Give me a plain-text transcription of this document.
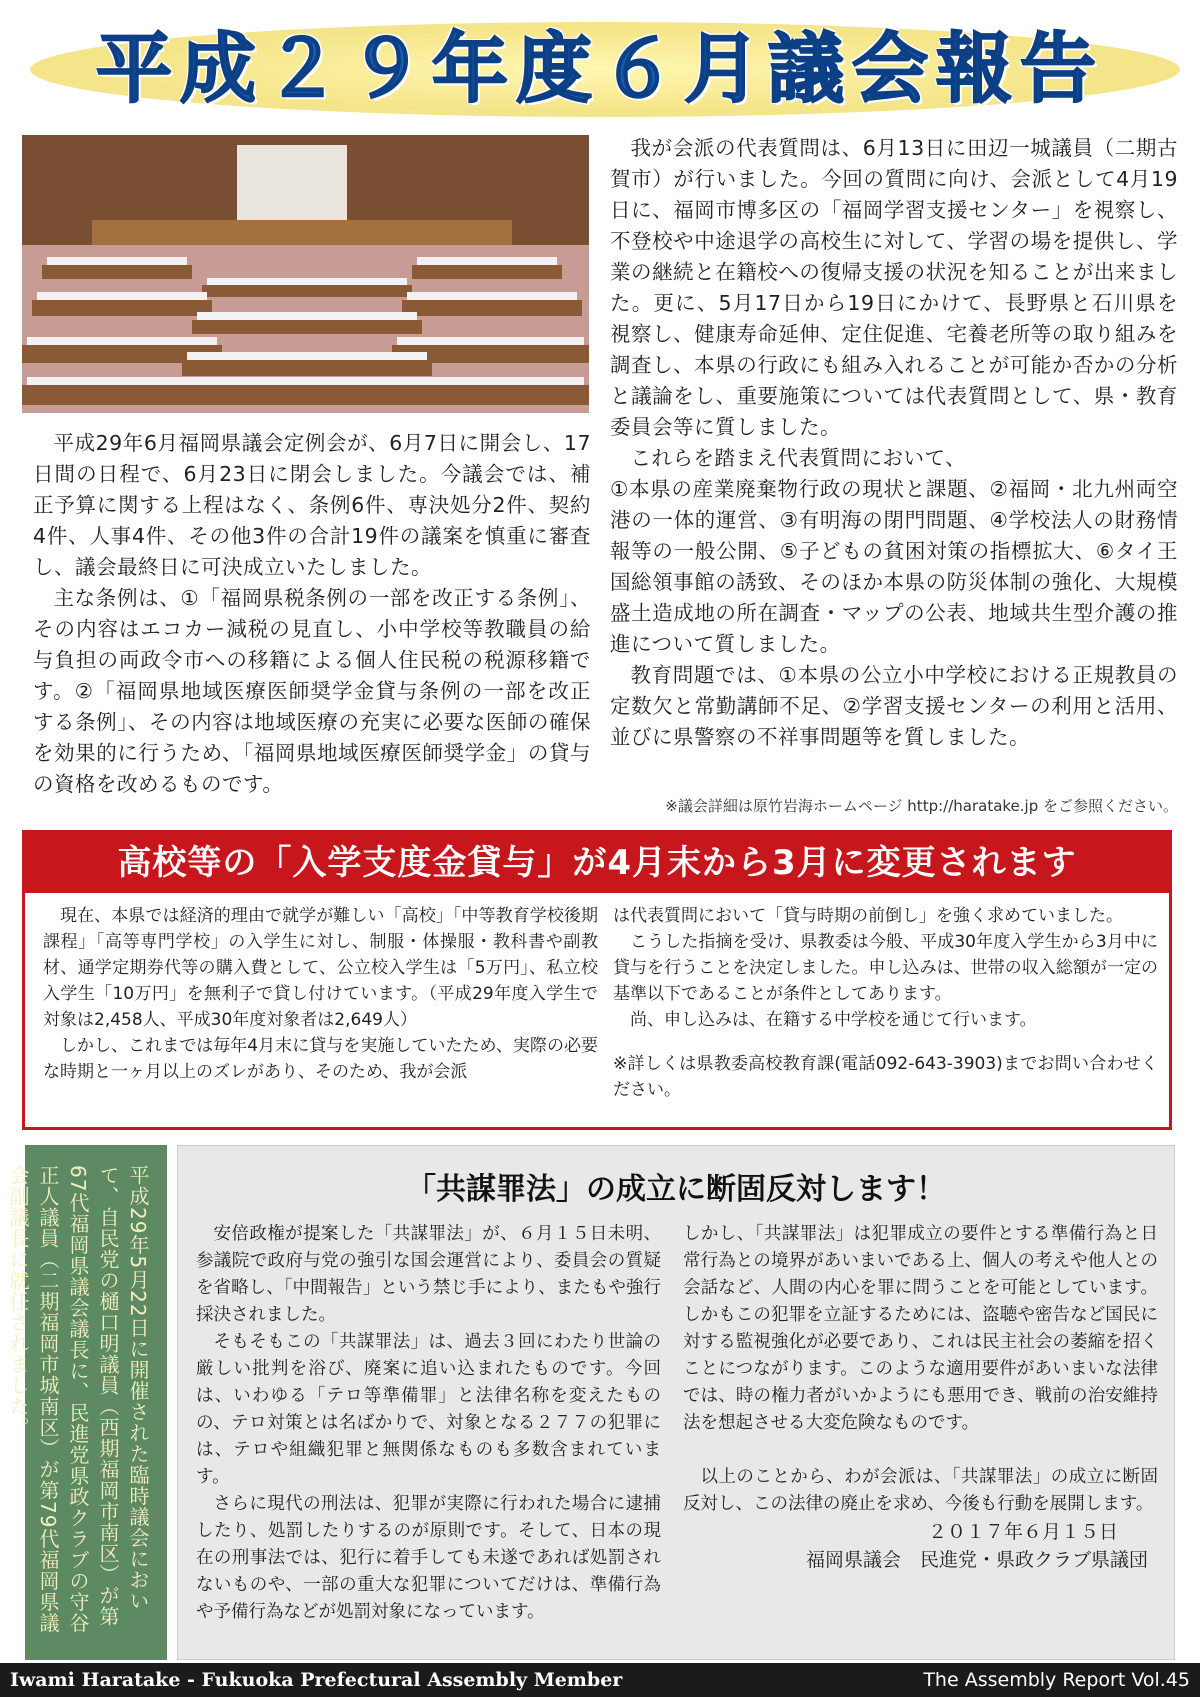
平成２９年度６月議会報告

平成29年6月福岡県議会定例会が、6月7日に開会し、17日間の日程で、6月23日に閉会しました。今議会では、補正予算に関する上程はなく、条例6件、専決処分2件、契約4件、人事4件、その他3件の合計19件の議案を慎重に審査し、議会最終日に可決成立いたしました。

主な条例は、①「福岡県税条例の一部を改正する条例」、その内容はエコカー減税の見直し、小中学校等教職員の給与負担の両政令市への移籍による個人住民税の税源移籍です。②「福岡県地域医療医師奨学金貸与条例の一部を改正する条例」、その内容は地域医療の充実に必要な医師の確保を効果的に行うため、「福岡県地域医療医師奨学金」の貸与の資格を改めるものです。

我が会派の代表質問は、6月13日に田辺一城議員（二期古賀市）が行いました。今回の質問に向け、会派として4月19日に、福岡市博多区の「福岡学習支援センター」を視察し、不登校や中途退学の高校生に対して、学習の場を提供し、学業の継続と在籍校への復帰支援の状況を知ることが出来ました。更に、5月17日から19日にかけて、長野県と石川県を視察し、健康寿命延伸、定住促進、宅養老所等の取り組みを調査し、本県の行政にも組み入れることが可能か否かの分析と議論をし、重要施策については代表質問として、県・教育委員会等に質しました。

これらを踏まえ代表質問において、

①本県の産業廃棄物行政の現状と課題、②福岡・北九州両空港の一体的運営、③有明海の閉門問題、④学校法人の財務情報等の一般公開、⑤子どもの貧困対策の指標拡大、⑥タイ王国総領事館の誘致、そのほか本県の防災体制の強化、大規模盛土造成地の所在調査・マップの公表、地域共生型介護の推進について質しました。

教育問題では、①本県の公立小中学校における正規教員の定数欠と常勤講師不足、②学習支援センターの利用と活用、並びに県警察の不祥事問題等を質しました。

※議会詳細は原竹岩海ホームページ http://haratake.jp をご参照ください。
高校等の「入学支度金貸与」が4月末から3月に変更されます

現在、本県では経済的理由で就学が難しい「高校」「中等教育学校後期課程」「高等専門学校」の入学生に対し、制服・体操服・教科書や副教材、通学定期券代等の購入費として、公立校入学生は「5万円」、私立校入学生「10万円」を無利子で貸し付けています。（平成29年度入学生で対象は2,458人、平成30年度対象者は2,649人）

しかし、これまでは毎年4月末に貸与を実施していたため、実際の必要な時期と一ヶ月以上のズレがあり、そのため、我が会派

は代表質問において「貸与時期の前倒し」を強く求めていました。

こうした指摘を受け、県教委は今般、平成30年度入学生から3月中に貸与を行うことを決定しました。申し込みは、世帯の収入総額が一定の基準以下であることが条件としてあります。

尚、申し込みは、在籍する中学校を通じて行います。

※詳しくは県教委高校教育課(電話092-643-3903)までお問い合わせください。

平成29年5月22日に開催された臨時議会において、自民党の樋口明議員（西期福岡市南区）が第67代福岡県議会議長に、民進党県政クラブの守谷正人議員（二期福岡市城南区）が第79代福岡県議会副議長に就任されました。	「共謀罪法」の成立に断固反対します！

安倍政権が提案した「共謀罪法」が、６月１５日未明、参議院で政府与党の強引な国会運営により、委員会の質疑を省略し、「中間報告」という禁じ手により、またもや強行採決されました。

そもそもこの「共謀罪法」は、過去３回にわたり世論の厳しい批判を浴び、廃案に追い込まれたものです。今回は、いわゆる「テロ等準備罪」と法律名称を変えたものの、テロ対策とは名ばかりで、対象となる２７７の犯罪には、テロや組織犯罪と無関係なものも多数含まれています。

さらに現代の刑法は、犯罪が実際に行われた場合に逮捕したり、処罰したりするのが原則です。そして、日本の現在の刑事法では、犯行に着手しても未遂であれば処罰されないものや、一部の重大な犯罪についてだけは、準備行為や予備行為などが処罰対象になっています。

しかし、「共謀罪法」は犯罪成立の要件とする準備行為と日常行為との境界があいまいである上、個人の考えや他人との会話など、人間の内心を罪に問うことを可能としています。しかもこの犯罪を立証するためには、盗聴や密告など国民に対する監視強化が必要であり、これは民主社会の萎縮を招くことにつながります。このような適用要件があいまいな法律では、時の権力者がいかようにも悪用でき、戦前の治安維持法を想起させる大変危険なものです。

以上のことから、わが会派は、「共謀罪法」の成立に断固反対し、この法律の廃止を求め、今後も行動を展開します。

２０１７年６月１５日
福岡県議会　民進党・県政クラブ県議団
Iwami Haratake - Fukuoka Prefectural Assembly Member	The Assembly Report Vol.45
